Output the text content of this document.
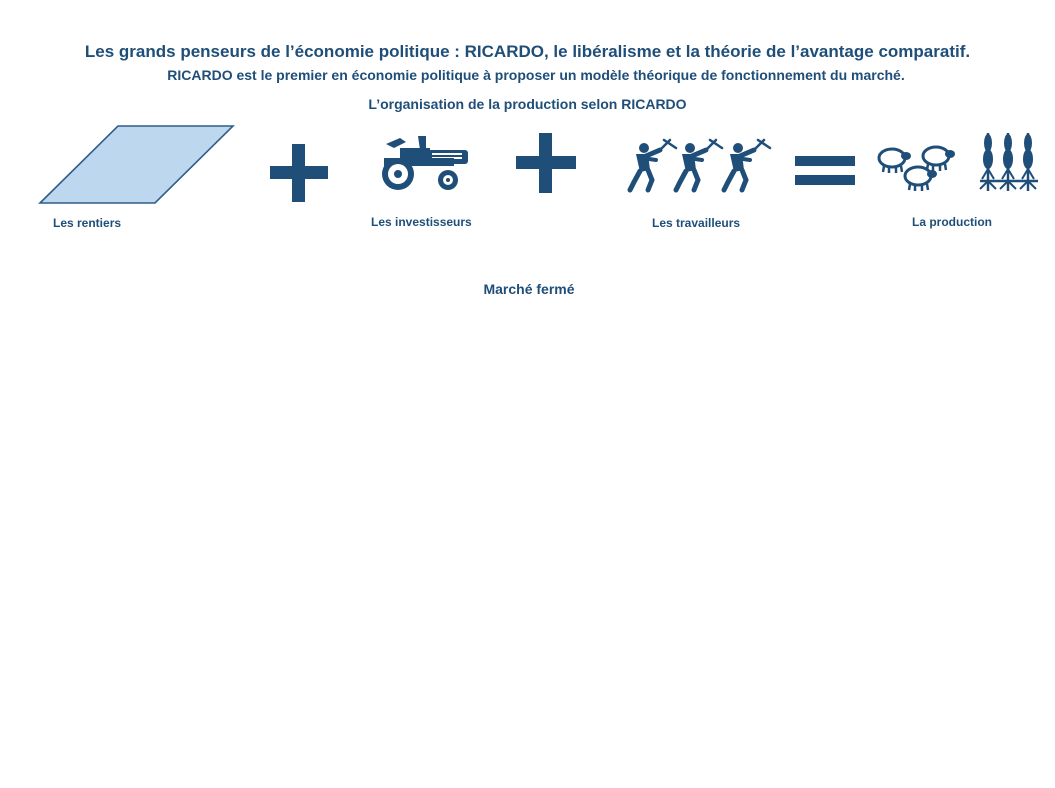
Les grands penseurs de l’économie politique : RICARDO, le libéralisme et la théorie de l’avantage comparatif.
RICARDO est le premier en économie politique à proposer un modèle théorique de fonctionnement du marché.
L’organisation de la production selon RICARDO
Les rentiers	Les investisseurs	Les travailleurs	La production
Marché fermé
